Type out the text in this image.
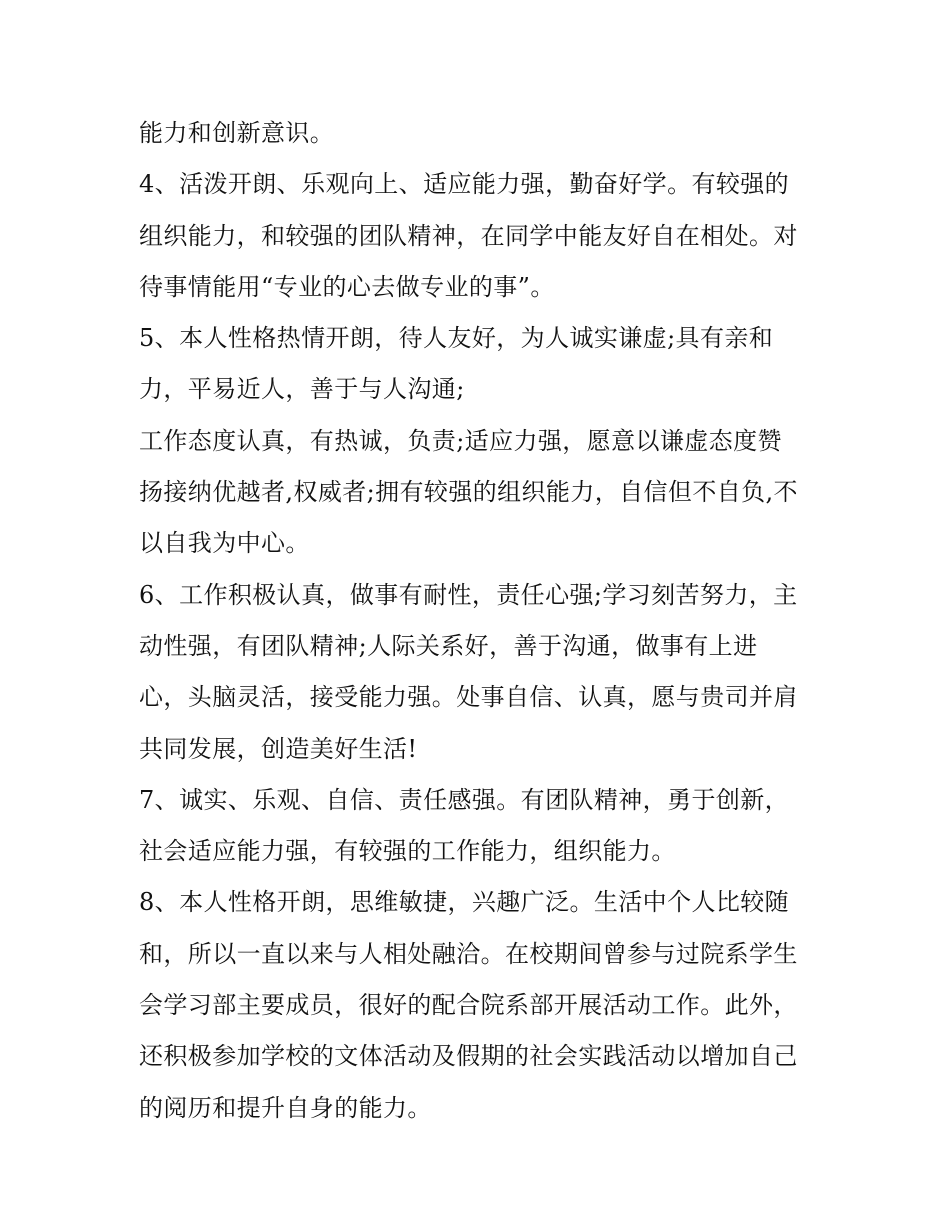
能力和创新意识。
4、活泼开朗、乐观向上、适应能力强，勤奋好学。有较强的
组织能力，和较强的团队精神，在同学中能友好自在相处。对
待事情能用“专业的心去做专业的事”。
5、本人性格热情开朗，待人友好，为人诚实谦虚;具有亲和
力，平易近人，善于与人沟通;
工作态度认真，有热诚，负责;适应力强，愿意以谦虚态度赞
扬接纳优越者,权威者;拥有较强的组织能力，自信但不自负,不
以自我为中心。
6、工作积极认真，做事有耐性，责任心强;学习刻苦努力，主
动性强，有团队精神;人际关系好，善于沟通，做事有上进
心，头脑灵活，接受能力强。处事自信、认真，愿与贵司并肩
共同发展，创造美好生活!
7、诚实、乐观、自信、责任感强。有团队精神，勇于创新，
社会适应能力强，有较强的工作能力，组织能力。
8、本人性格开朗，思维敏捷，兴趣广泛。生活中个人比较随
和，所以一直以来与人相处融洽。在校期间曾参与过院系学生
会学习部主要成员，很好的配合院系部开展活动工作。此外，
还积极参加学校的文体活动及假期的社会实践活动以增加自己
的阅历和提升自身的能力。
